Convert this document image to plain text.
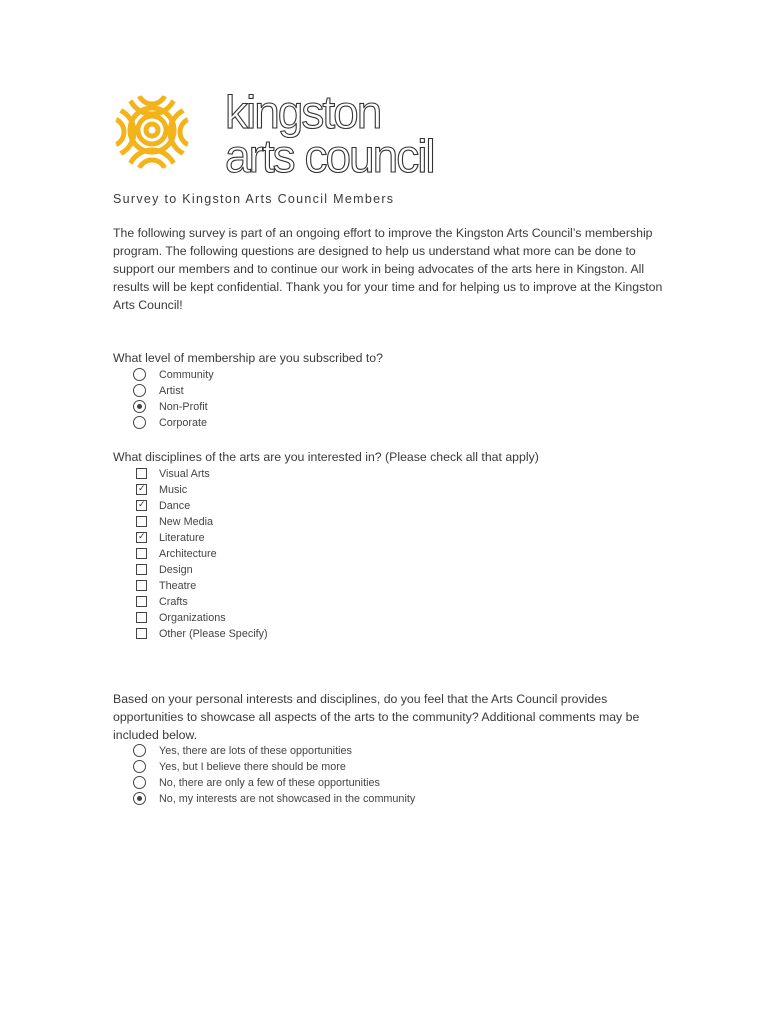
kingston
arts council
Survey to Kingston Arts Council Members
The following survey is part of an ongoing effort to improve the Kingston Arts Council’s membership program. The following questions are designed to help us understand what more can be done to support our members and to continue our work in being advocates of the arts here in Kingston. All results will be kept confidential. Thank you for your time and for helping us to improve at the Kingston Arts Council!
What level of membership are you subscribed to?
Community
Artist
Non-Profit
Corporate
What disciplines of the arts are you interested in? (Please check all that apply)
Visual Arts
✓ Music
✓ Dance
New Media
✓ Literature
Architecture
Design
Theatre
Crafts
Organizations
Other (Please Specify)
Based on your personal interests and disciplines, do you feel that the Arts Council provides opportunities to showcase all aspects of the arts to the community? Additional comments may be included below.
Yes, there are lots of these opportunities
Yes, but I believe there should be more
No, there are only a few of these opportunities
No, my interests are not showcased in the community
